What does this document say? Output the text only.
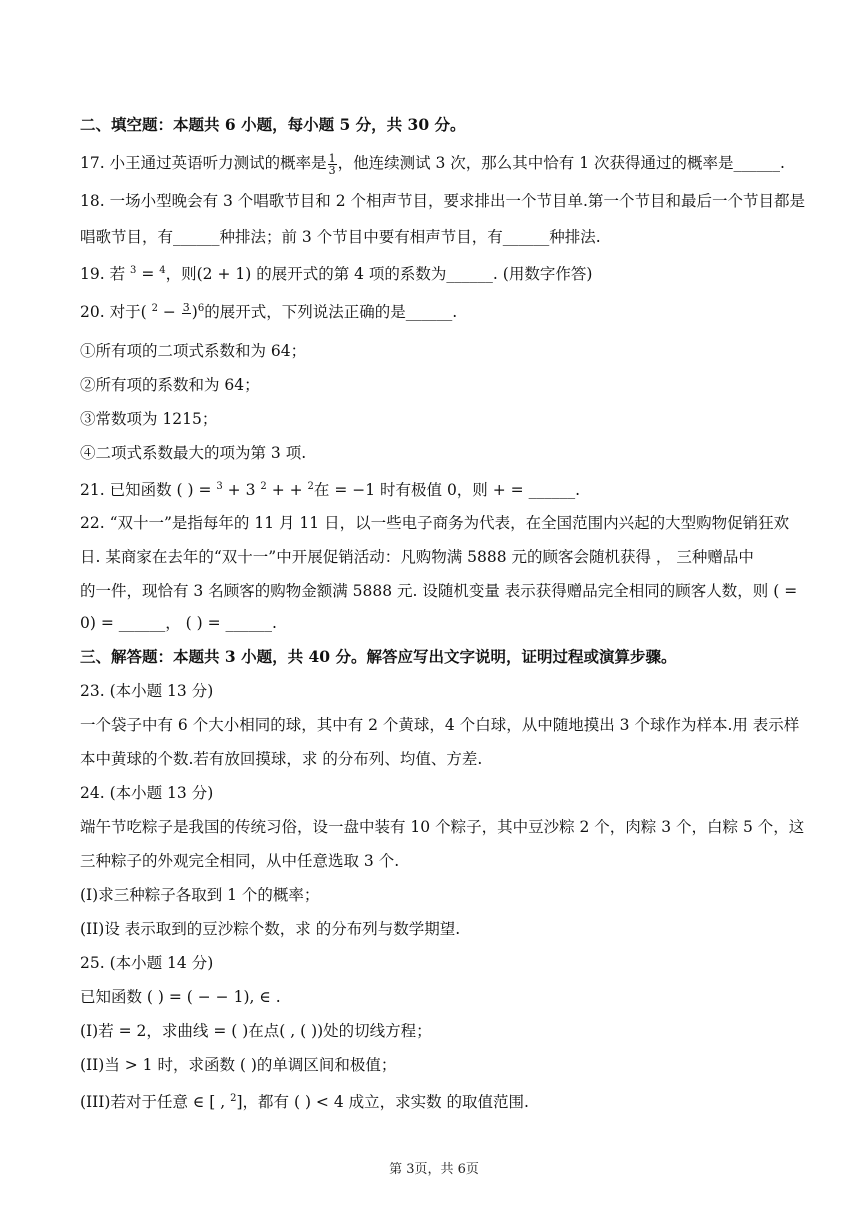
二、填空题：本题共 6 小题，每小题 5 分，共 30 分。
17. 小王通过英语听力测试的概率是 $\frac{1}{3}$ ，他连续测试 3 次，那么其中恰有 1 次获得通过的概率是______.
18. 一场小型晚会有 3 个唱歌节目和 2 个相声节目，要求排出一个节目单.第一个节目和最后一个节目都是
唱歌节目，有______种排法；前 3 个节目中要有相声节目，有______种排法.
19. 若 $^3$ = $^4$，则(2 + 1) 的展开式的第 4 项的系数为______. (用数字作答)
20. 对于( $^2$ − 3
)$^6$的展开式，下列说法正确的是______.
①所有项的二项式系数和为 64；
②所有项的系数和为 64；
③常数项为 1215；
④二项式系数最大的项为第 3 项.
21. 已知函数 ( ) = $^3$ + 3 $^2$ + + $^2$在 = −1 时有极值 0，则 + = ______.
22. “双十一”是指每年的 11 月 11 日，以一些电子商务为代表，在全国范围内兴起的大型购物促销狂欢
日. 某商家在去年的“双十一”中开展促销活动：凡购物满 5888 元的顾客会随机获得 ， 三种赠品中
的一件，现恰有 3 名顾客的购物金额满 5888 元. 设随机变量 表示获得赠品完全相同的顾客人数，则 ( =
0) = ______， ( ) = ______.
三、解答题：本题共 3 小题，共 40 分。解答应写出文字说明，证明过程或演算步骤。
23. (本小题 13 分)
一个袋子中有 6 个大小相同的球，其中有 2 个黄球，4 个白球，从中随地摸出 3 个球作为样本.用 表示样
本中黄球的个数.若有放回摸球，求 的分布列、均值、方差.
24. (本小题 13 分)
端午节吃粽子是我国的传统习俗，设一盘中装有 10 个粽子，其中豆沙粽 2 个，肉粽 3 个，白粽 5 个，这
三种粽子的外观完全相同，从中任意选取 3 个.
(I)求三种粽子各取到 1 个的概率；
(II)设 表示取到的豆沙粽个数，求 的分布列与数学期望.
25. (本小题 14 分)
已知函数 ( ) = ( − − 1), ∈ .
(I)若 = 2，求曲线 = ( )在点( , ( ))处的切线方程；
(II)当 > 1 时，求函数 ( )的单调区间和极值；
(III)若对于任意 ∈ [ , $^2$]，都有 ( ) < 4 成立，求实数 的取值范围.
第 3页，共 6页
